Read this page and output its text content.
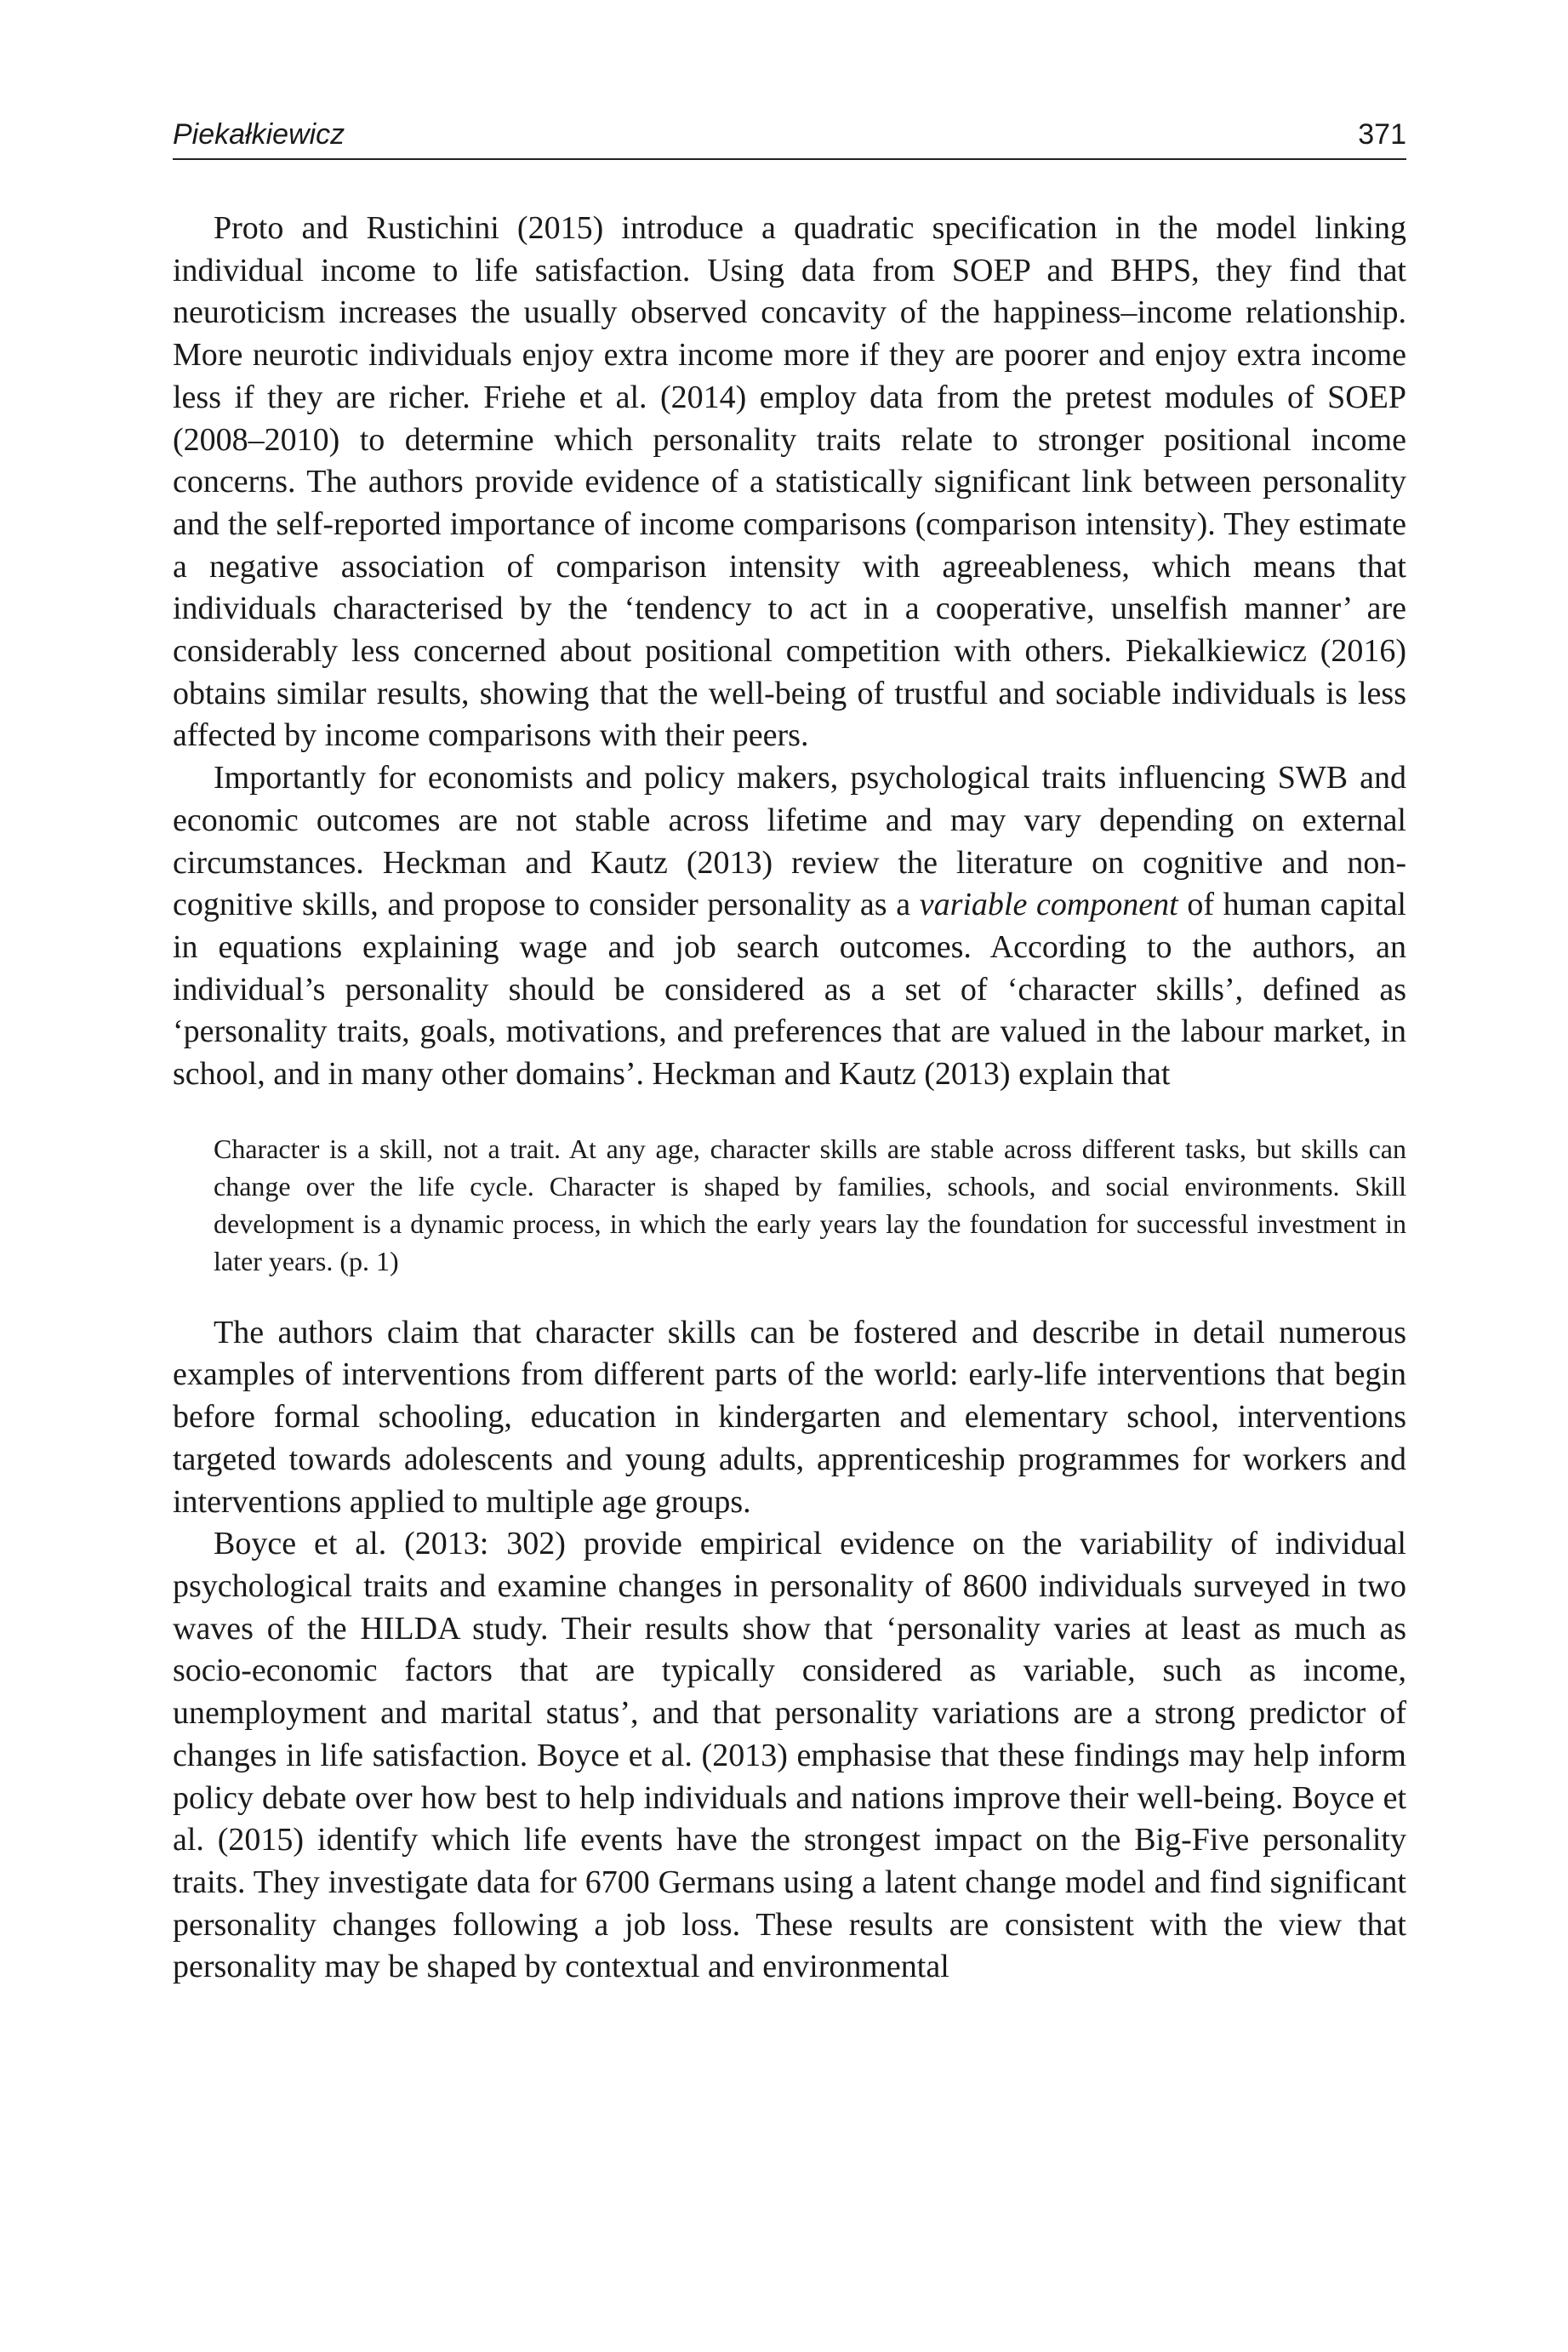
Piekałkiewicz	371

Proto and Rustichini (2015) introduce a quadratic specification in the model linking individual income to life satisfaction. Using data from SOEP and BHPS, they find that neuroticism increases the usually observed concavity of the happiness–income relationship. More neurotic individuals enjoy extra income more if they are poorer and enjoy extra income less if they are richer. Friehe et al. (2014) employ data from the pretest modules of SOEP (2008–2010) to determine which personality traits relate to stronger positional income concerns. The authors provide evidence of a statistically significant link between personality and the self-reported importance of income comparisons (comparison intensity). They estimate a negative association of comparison intensity with agreeableness, which means that individuals characterised by the ‘tendency to act in a cooperative, unselfish manner’ are considerably less concerned about positional competition with others. Piekalkiewicz (2016) obtains similar results, showing that the well-being of trustful and sociable individuals is less affected by income comparisons with their peers.

Importantly for economists and policy makers, psychological traits influencing SWB and economic outcomes are not stable across lifetime and may vary depending on external circumstances. Heckman and Kautz (2013) review the literature on cognitive and non-cognitive skills, and propose to consider personality as a variable component of human capital in equations explaining wage and job search outcomes. According to the authors, an individual’s personality should be considered as a set of ‘character skills’, defined as ‘personality traits, goals, motivations, and preferences that are valued in the labour market, in school, and in many other domains’. Heckman and Kautz (2013) explain that

Character is a skill, not a trait. At any age, character skills are stable across different tasks, but skills can change over the life cycle. Character is shaped by families, schools, and social environments. Skill development is a dynamic process, in which the early years lay the foundation for successful investment in later years. (p. 1)

The authors claim that character skills can be fostered and describe in detail numerous examples of interventions from different parts of the world: early-life interventions that begin before formal schooling, education in kindergarten and elementary school, interventions targeted towards adolescents and young adults, apprenticeship programmes for workers and interventions applied to multiple age groups.

Boyce et al. (2013: 302) provide empirical evidence on the variability of individual psychological traits and examine changes in personality of 8600 individuals surveyed in two waves of the HILDA study. Their results show that ‘personality varies at least as much as socio-economic factors that are typically considered as variable, such as income, unemployment and marital status’, and that personality variations are a strong predictor of changes in life satisfaction. Boyce et al. (2013) emphasise that these findings may help inform policy debate over how best to help individuals and nations improve their well-being. Boyce et al. (2015) identify which life events have the strongest impact on the Big-Five personality traits. They investigate data for 6700 Germans using a latent change model and find significant personality changes following a job loss. These results are consistent with the view that personality may be shaped by contextual and environmental
